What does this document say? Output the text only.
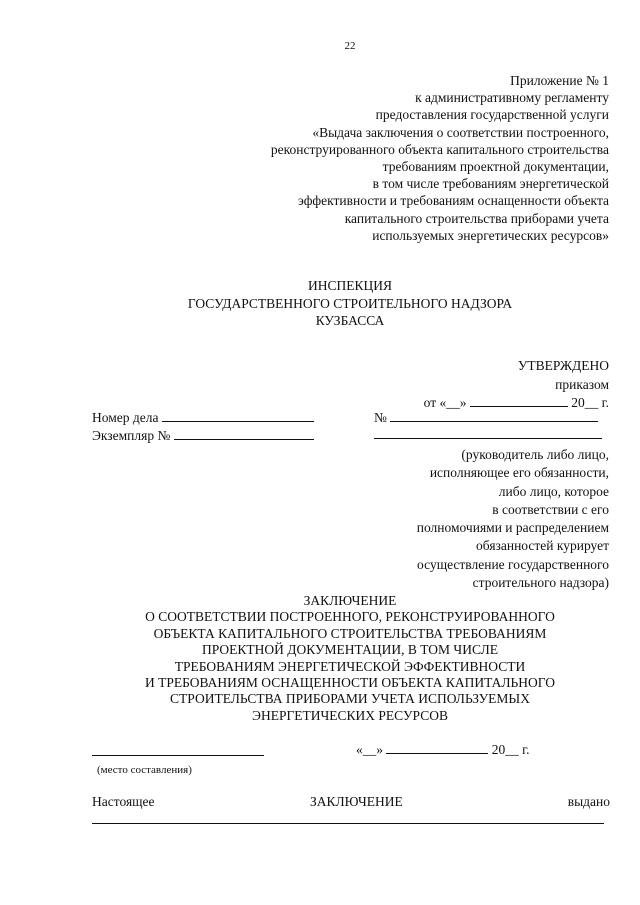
22
Приложение № 1
к административному регламенту
предоставления государственной услуги
«Выдача заключения о соответствии построенного,
реконструированного объекта капитального строительства
требованиям проектной документации,
в том числе требованиям энергетической
эффективности и требованиям оснащенности объекта
капитального строительства приборами учета
используемых энергетических ресурсов»
ИНСПЕКЦИЯ
ГОСУДАРСТВЕННОГО СТРОИТЕЛЬНОГО НАДЗОРА
КУЗБАССА
УТВЕРЖДЕНО
приказом
от «__»	20__ г.
Номер дела	№
Экземпляр №
(руководитель либо лицо,
исполняющее его обязанности,
либо лицо, которое
в соответствии с его
полномочиями и распределением
обязанностей курирует
осуществление государственного
строительного надзора)
ЗАКЛЮЧЕНИЕ
О СООТВЕТСТВИИ ПОСТРОЕННОГО, РЕКОНСТРУИРОВАННОГО
ОБЪЕКТА КАПИТАЛЬНОГО СТРОИТЕЛЬСТВА ТРЕБОВАНИЯМ
ПРОЕКТНОЙ ДОКУМЕНТАЦИИ, В ТОМ ЧИСЛЕ
ТРЕБОВАНИЯМ ЭНЕРГЕТИЧЕСКОЙ ЭФФЕКТИВНОСТИ
И ТРЕБОВАНИЯМ ОСНАЩЕННОСТИ ОБЪЕКТА КАПИТАЛЬНОГО
СТРОИТЕЛЬСТВА ПРИБОРАМИ УЧЕТА ИСПОЛЬЗУЕМЫХ
ЭНЕРГЕТИЧЕСКИХ РЕСУРСОВ
(место составления)
«__»	20__ г.
Настоящее	ЗАКЛЮЧЕНИЕ	выдано
